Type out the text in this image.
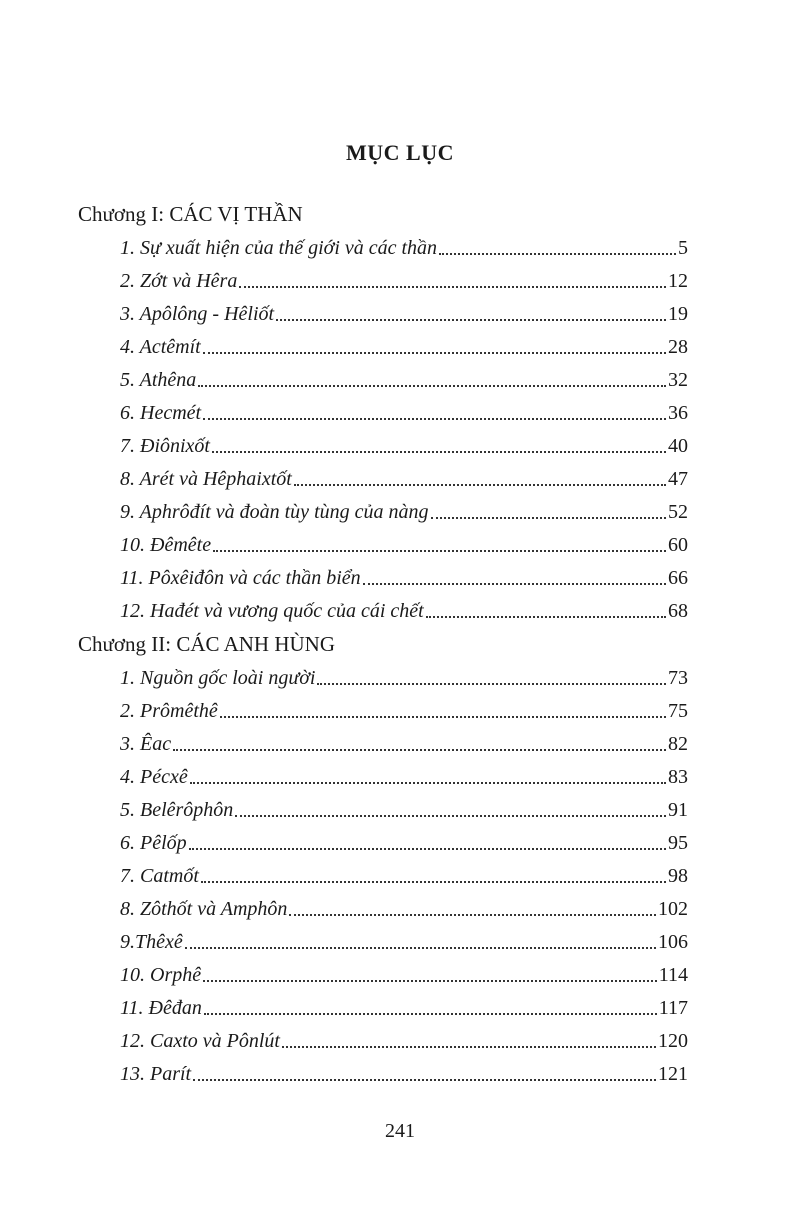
MỤC LỤC
Chương I: CÁC VỊ THẦN
1. Sự xuất hiện của thế giới và các thần	5
2. Zớt và Hêra	12
3. Apôlông - Hêliốt	19
4. Actêmít	28
5. Athêna	32
6. Hecmét	36
7. Điônixốt	40
8. Arét và Hêphaixtốt	47
9. Aphrôđít và đoàn tùy tùng của nàng	52
10. Đêmête	60
11. Pôxêiđôn và các thần biển	66
12. Hađét và vương quốc của cái chết	68
Chương II: CÁC ANH HÙNG
1. Nguồn gốc loài người	73
2. Prômêthê	75
3. Êac	82
4. Pécxê	83
5. Belêrôphôn	91
6. Pêlốp	95
7. Catmốt	98
8. Zôthốt và Amphôn	102
9.Thêxê	106
10. Orphê	114
11. Đêđan	117
12. Caxto và Pônlút	120
13. Parít	121
241
